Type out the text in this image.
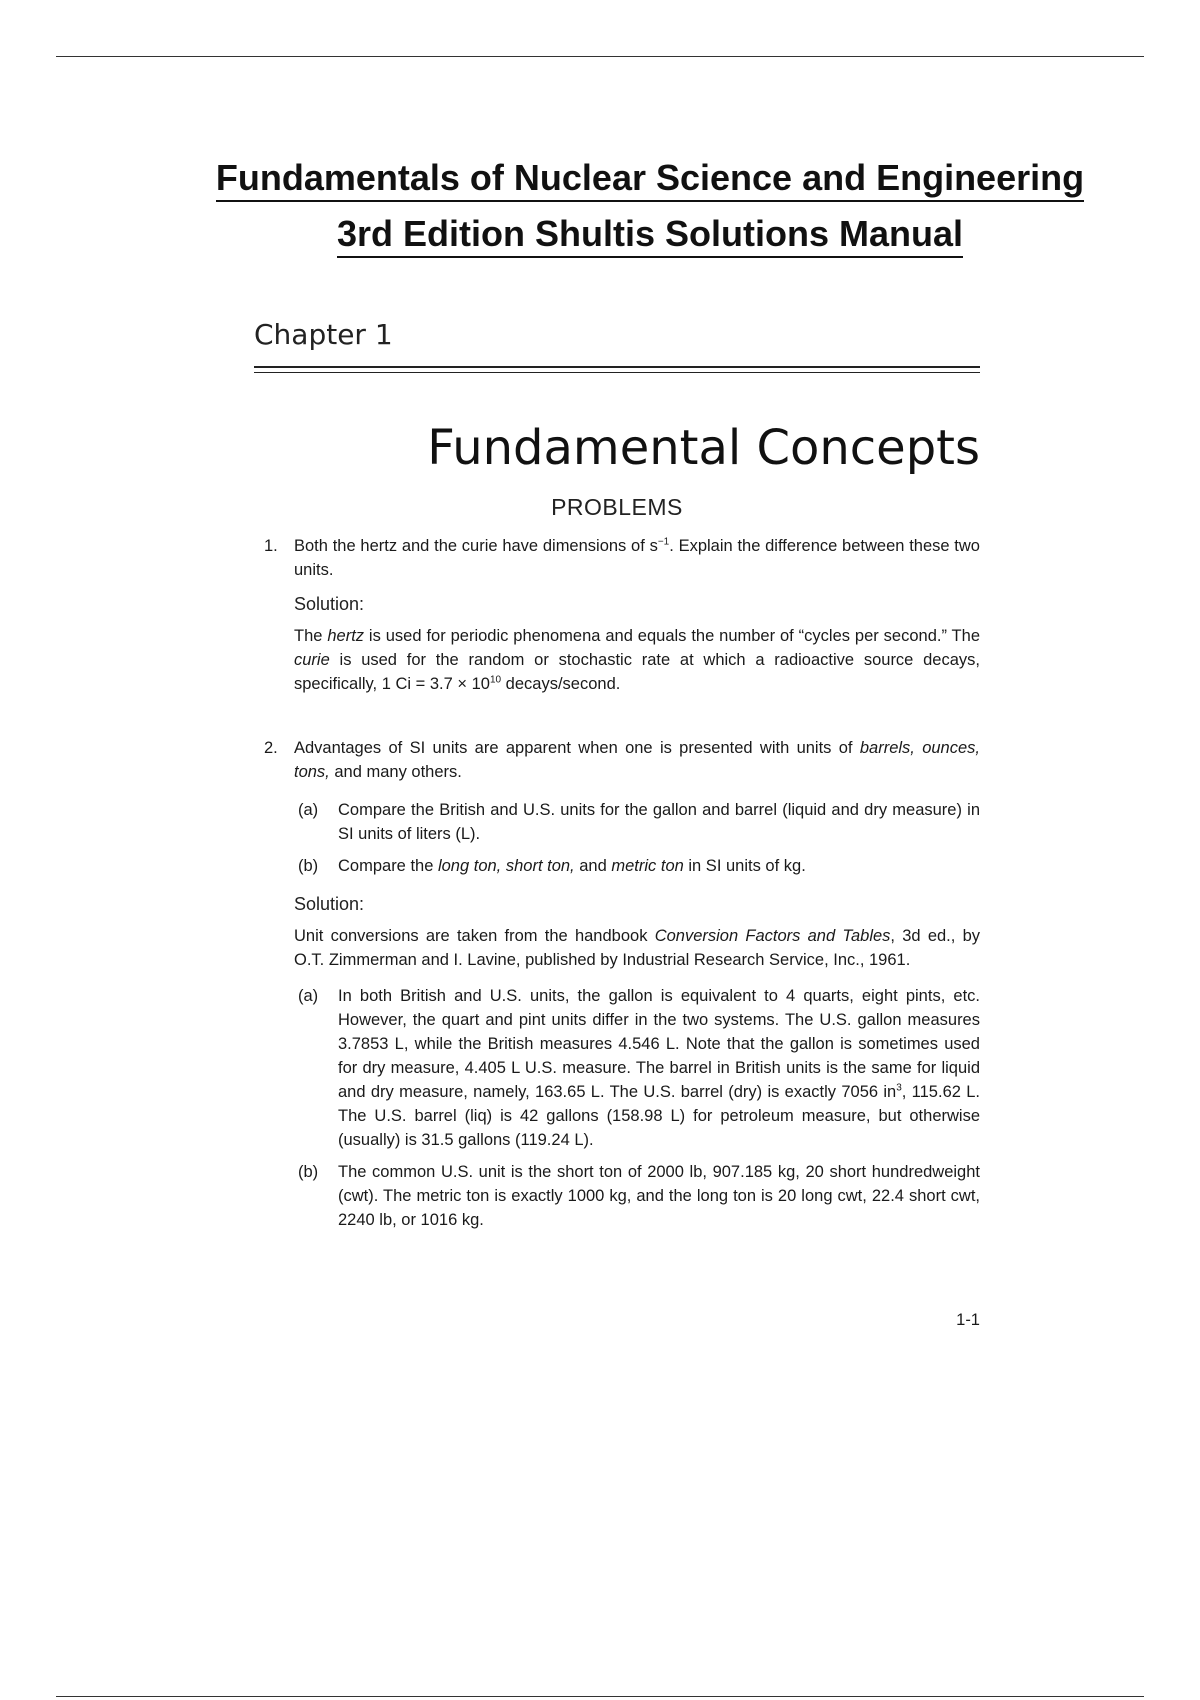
Fundamentals of Nuclear Science and Engineering
3rd Edition Shultis Solutions Manual
Chapter 1
Fundamental Concepts
PROBLEMS
1. Both the hertz and the curie have dimensions of $s^{-1}$. Explain the difference between these two units.

Solution:

The hertz is used for periodic phenomena and equals the number of “cycles per second.” The curie is used for the random or stochastic rate at which a radioactive source decays, specifically, 1 $Ci = 3.7 \times 10^{10}$ decays/second.

2. Advantages of SI units are apparent when one is presented with units of barrels, ounces, tons, and many others.

(a)	Compare the British and U.S. units for the gallon and barrel (liquid and dry measure) in SI units of liters (L).
(b)	Compare the long ton, short ton, and metric ton in SI units of kg.
Solution:

Unit conversions are taken from the handbook Conversion Factors and Tables, 3d ed., by O.T. Zimmerman and I. Lavine, published by Industrial Research Service, Inc., 1961.

(a)	In both British and U.S. units, the gallon is equivalent to 4 quarts, eight pints, etc. However, the quart and pint units differ in the two systems. The U.S. gallon measures 3.7853 L, while the British measures 4.546 L. Note that the gallon is sometimes used for dry measure, 4.405 L U.S. measure. The barrel in British units is the same for liquid and dry measure, namely, 163.65 L. The U.S. barrel (dry) is exactly 7056 $in^3$, 115.62 L. The U.S. barrel (liq) is 42 gallons (158.98 L) for petroleum measure, but otherwise (usually) is 31.5 gallons (119.24 L).
(b)	The common U.S. unit is the short ton of 2000 lb, 907.185 kg, 20 short hundredweight (cwt). The metric ton is exactly 1000 kg, and the long ton is 20 long cwt, 22.4 short cwt, 2240 lb, or 1016 kg.
1-1
